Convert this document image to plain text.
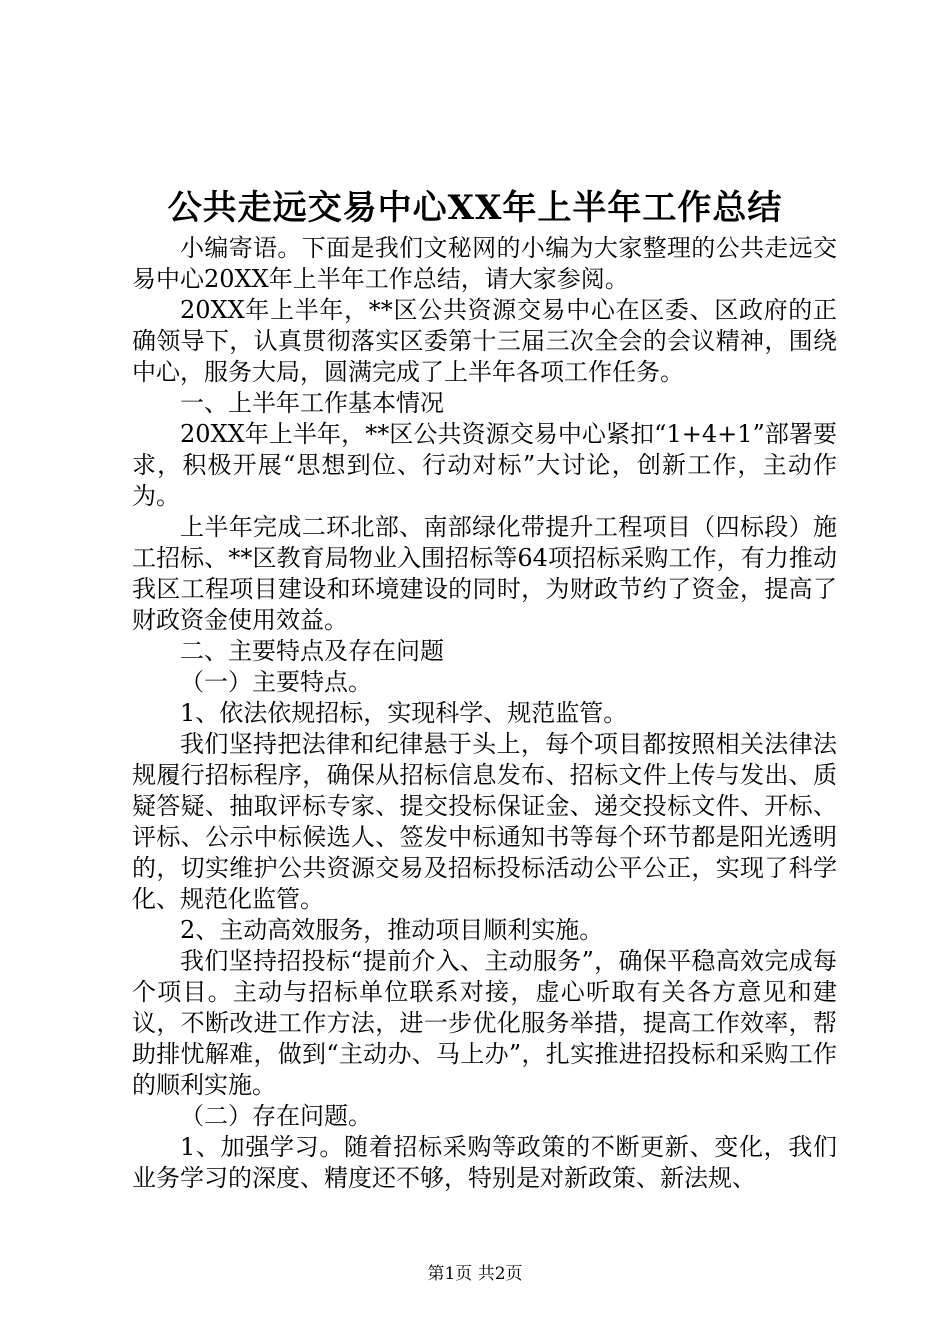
公共走远交易中心XX年上半年工作总结

小编寄语。下面是我们文秘网的小编为大家整理的公共走远交易中心20XX年上半年工作总结，请大家参阅。

20XX年上半年，**区公共资源交易中心在区委、区政府的正确领导下，认真贯彻落实区委第十三届三次全会的会议精神，围绕中心，服务大局，圆满完成了上半年各项工作任务。

一、上半年工作基本情况

20XX年上半年，**区公共资源交易中心紧扣“1+4+1”部署要求，积极开展“思想到位、行动对标”大讨论，创新工作，主动作为。

上半年完成二环北部、南部绿化带提升工程项目（四标段）施工招标、**区教育局物业入围招标等64项招标采购工作，有力推动我区工程项目建设和环境建设的同时，为财政节约了资金，提高了财政资金使用效益。

二、主要特点及存在问题

（一）主要特点。

1、依法依规招标，实现科学、规范监管。

我们坚持把法律和纪律悬于头上，每个项目都按照相关法律法规履行招标程序，确保从招标信息发布、招标文件上传与发出、质疑答疑、抽取评标专家、提交投标保证金、递交投标文件、开标、评标、公示中标候选人、签发中标通知书等每个环节都是阳光透明的，切实维护公共资源交易及招标投标活动公平公正，实现了科学化、规范化监管。

2、主动高效服务，推动项目顺利实施。

我们坚持招投标“提前介入、主动服务”，确保平稳高效完成每个项目。主动与招标单位联系对接，虚心听取有关各方意见和建议，不断改进工作方法，进一步优化服务举措，提高工作效率，帮助排忧解难，做到“主动办、马上办”，扎实推进招投标和采购工作的顺利实施。

（二）存在问题。

1、加强学习。随着招标采购等政策的不断更新、变化，我们业务学习的深度、精度还不够，特别是对新政策、新法规、

第1页 共2页
